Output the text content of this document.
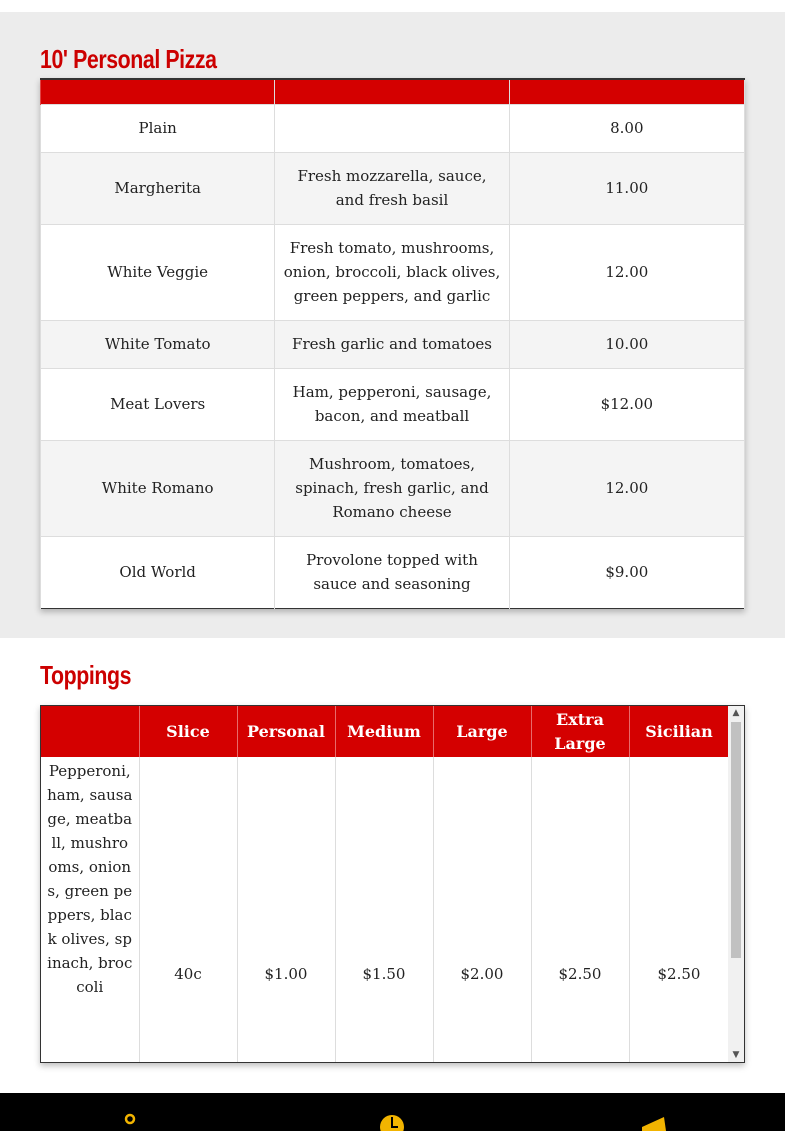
10' Personal Pizza

Plain		8.00
Margherita	Fresh mozzarella, sauce, and fresh basil	11.00
White Veggie	Fresh tomato, mushrooms, onion, broccoli, black olives, green peppers, and garlic	12.00
White Tomato	Fresh garlic and tomatoes	10.00
Meat Lovers	Ham, pepperoni, sausage, bacon, and meatball	$12.00
White Romano	Mushroom, tomatoes, spinach, fresh garlic, and Romano cheese	12.00
Old World	Provolone topped with sauce and seasoning	$9.00
Toppings
	Slice	Personal	Medium	Large	Extra Large	Sicilian
Pepperoni, ham, sausage, meatball, mushrooms, onions, green peppers, black olives, spinach, broccoli	40c	$1.00	$1.50	$2.00	$2.50	$2.50
▲
▼
